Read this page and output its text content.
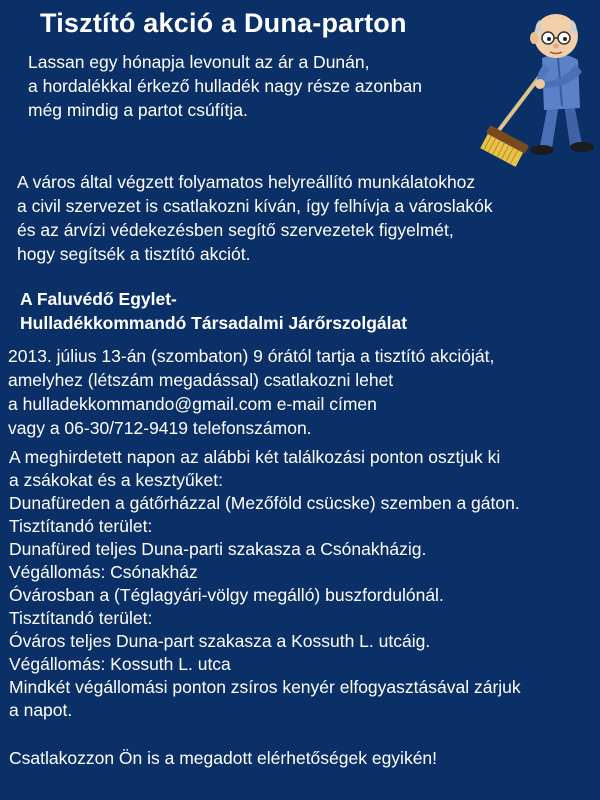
Tisztító akció a Duna-parton
Lassan egy hónapja levonult az ár a Dunán,
a hordalékkal érkező hulladék nagy része azonban
még mindig a partot csúfítja.
A város által végzett folyamatos helyreállító munkálatokhoz
a civil szervezet is csatlakozni kíván, így felhívja a városlakók
és az árvízi védekezésben segítő szervezetek figyelmét,
hogy segítsék a tisztító akciót.
A Faluvédő Egylet-
Hulladékkommandó Társadalmi Járőrszolgálat
2013. július 13-án (szombaton) 9 órától tartja a tisztító akcióját,
amelyhez (létszám megadással) csatlakozni lehet
a hulladekkommando@gmail.com e-mail címen
vagy a 06-30/712-9419 telefonszámon.
A meghirdetett napon az alábbi két találkozási ponton osztjuk ki
a zsákokat és a kesztyűket:
Dunafüreden a gátőrházzal (Mezőföld csücske) szemben a gáton.
Tisztítandó terület:
Dunafüred teljes Duna-parti szakasza a Csónakházig.
Végállomás: Csónakház
Óvárosban a (Téglagyári-völgy megálló) buszfordulónál.
Tisztítandó terület:
Óváros teljes Duna-part szakasza a Kossuth L. utcáig.
Végállomás: Kossuth L. utca
Mindkét végállomási ponton zsíros kenyér elfogyasztásával zárjuk
a napot.
Csatlakozzon Ön is a megadott elérhetőségek egyikén!
